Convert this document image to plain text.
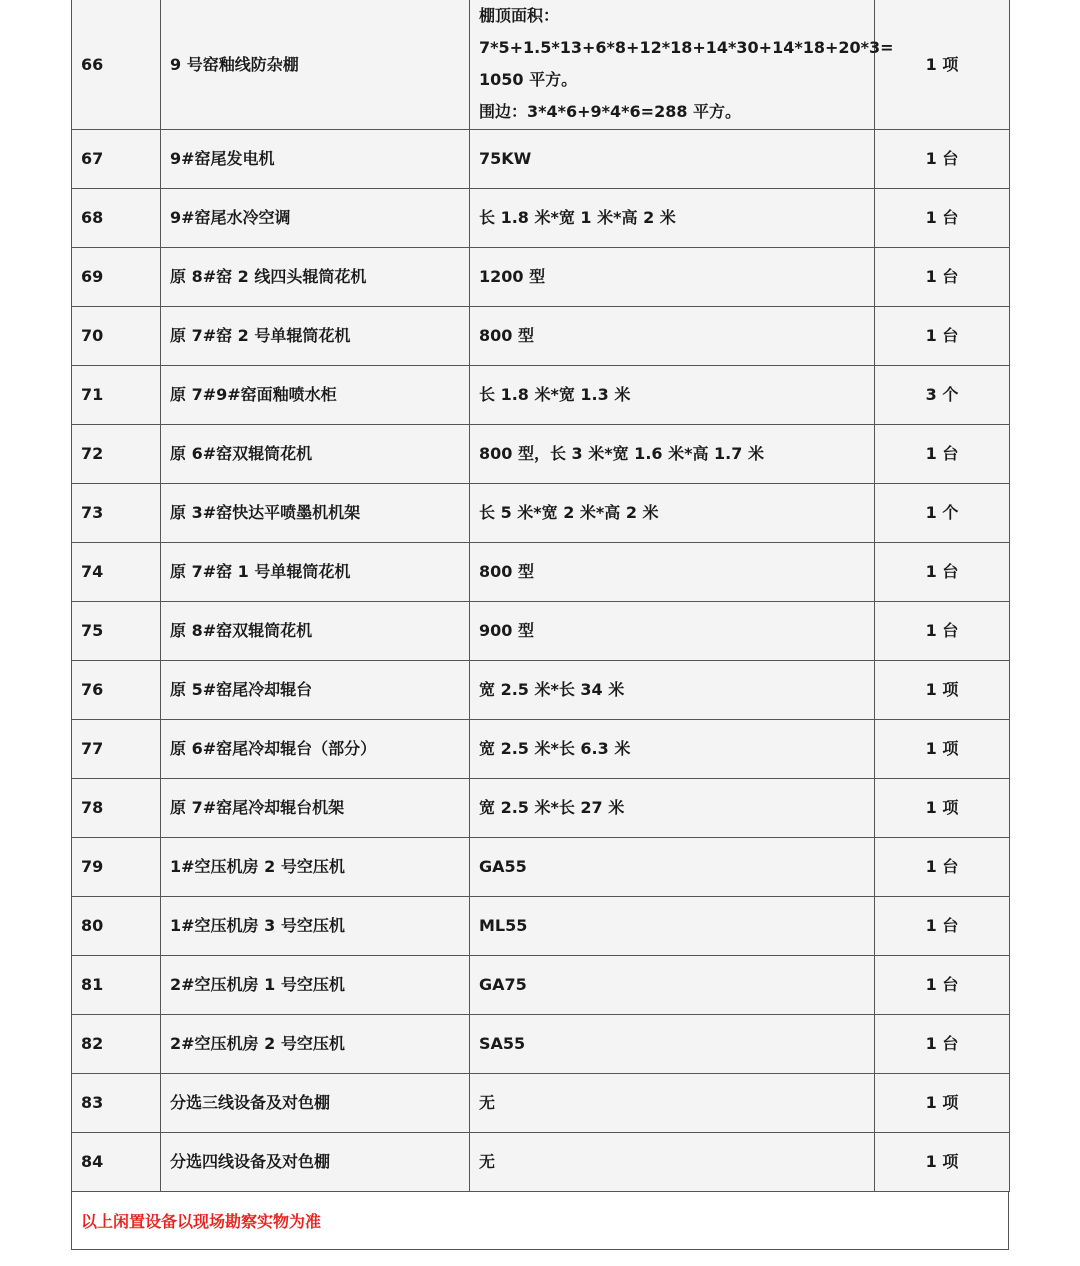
66	9 号窑釉线防杂棚	棚顶面积：
7*5+1.5*13+6*8+12*18+14*30+14*18+20*3=
1050 平方。
围边：3*4*6+9*4*6=288 平方。	1 项
67	9#窑尾发电机	75KW	1 台
68	9#窑尾水冷空调	长 1.8 米*宽 1 米*高 2 米	1 台
69	原 8#窑 2 线四头辊筒花机	1200 型	1 台
70	原 7#窑 2 号单辊筒花机	800 型	1 台
71	原 7#9#窑面釉喷水柜	长 1.8 米*宽 1.3 米	3 个
72	原 6#窑双辊筒花机	800 型，长 3 米*宽 1.6 米*高 1.7 米	1 台
73	原 3#窑快达平喷墨机机架	长 5 米*宽 2 米*高 2 米	1 个
74	原 7#窑 1 号单辊筒花机	800 型	1 台
75	原 8#窑双辊筒花机	900 型	1 台
76	原 5#窑尾冷却辊台	宽 2.5 米*长 34 米	1 项
77	原 6#窑尾冷却辊台（部分）	宽 2.5 米*长 6.3 米	1 项
78	原 7#窑尾冷却辊台机架	宽 2.5 米*长 27 米	1 项
79	1#空压机房 2 号空压机	GA55	1 台
80	1#空压机房 3 号空压机	ML55	1 台
81	2#空压机房 1 号空压机	GA75	1 台
82	2#空压机房 2 号空压机	SA55	1 台
83	分选三线设备及对色棚	无	1 项
84	分选四线设备及对色棚	无	1 项
以上闲置设备以现场勘察实物为准
